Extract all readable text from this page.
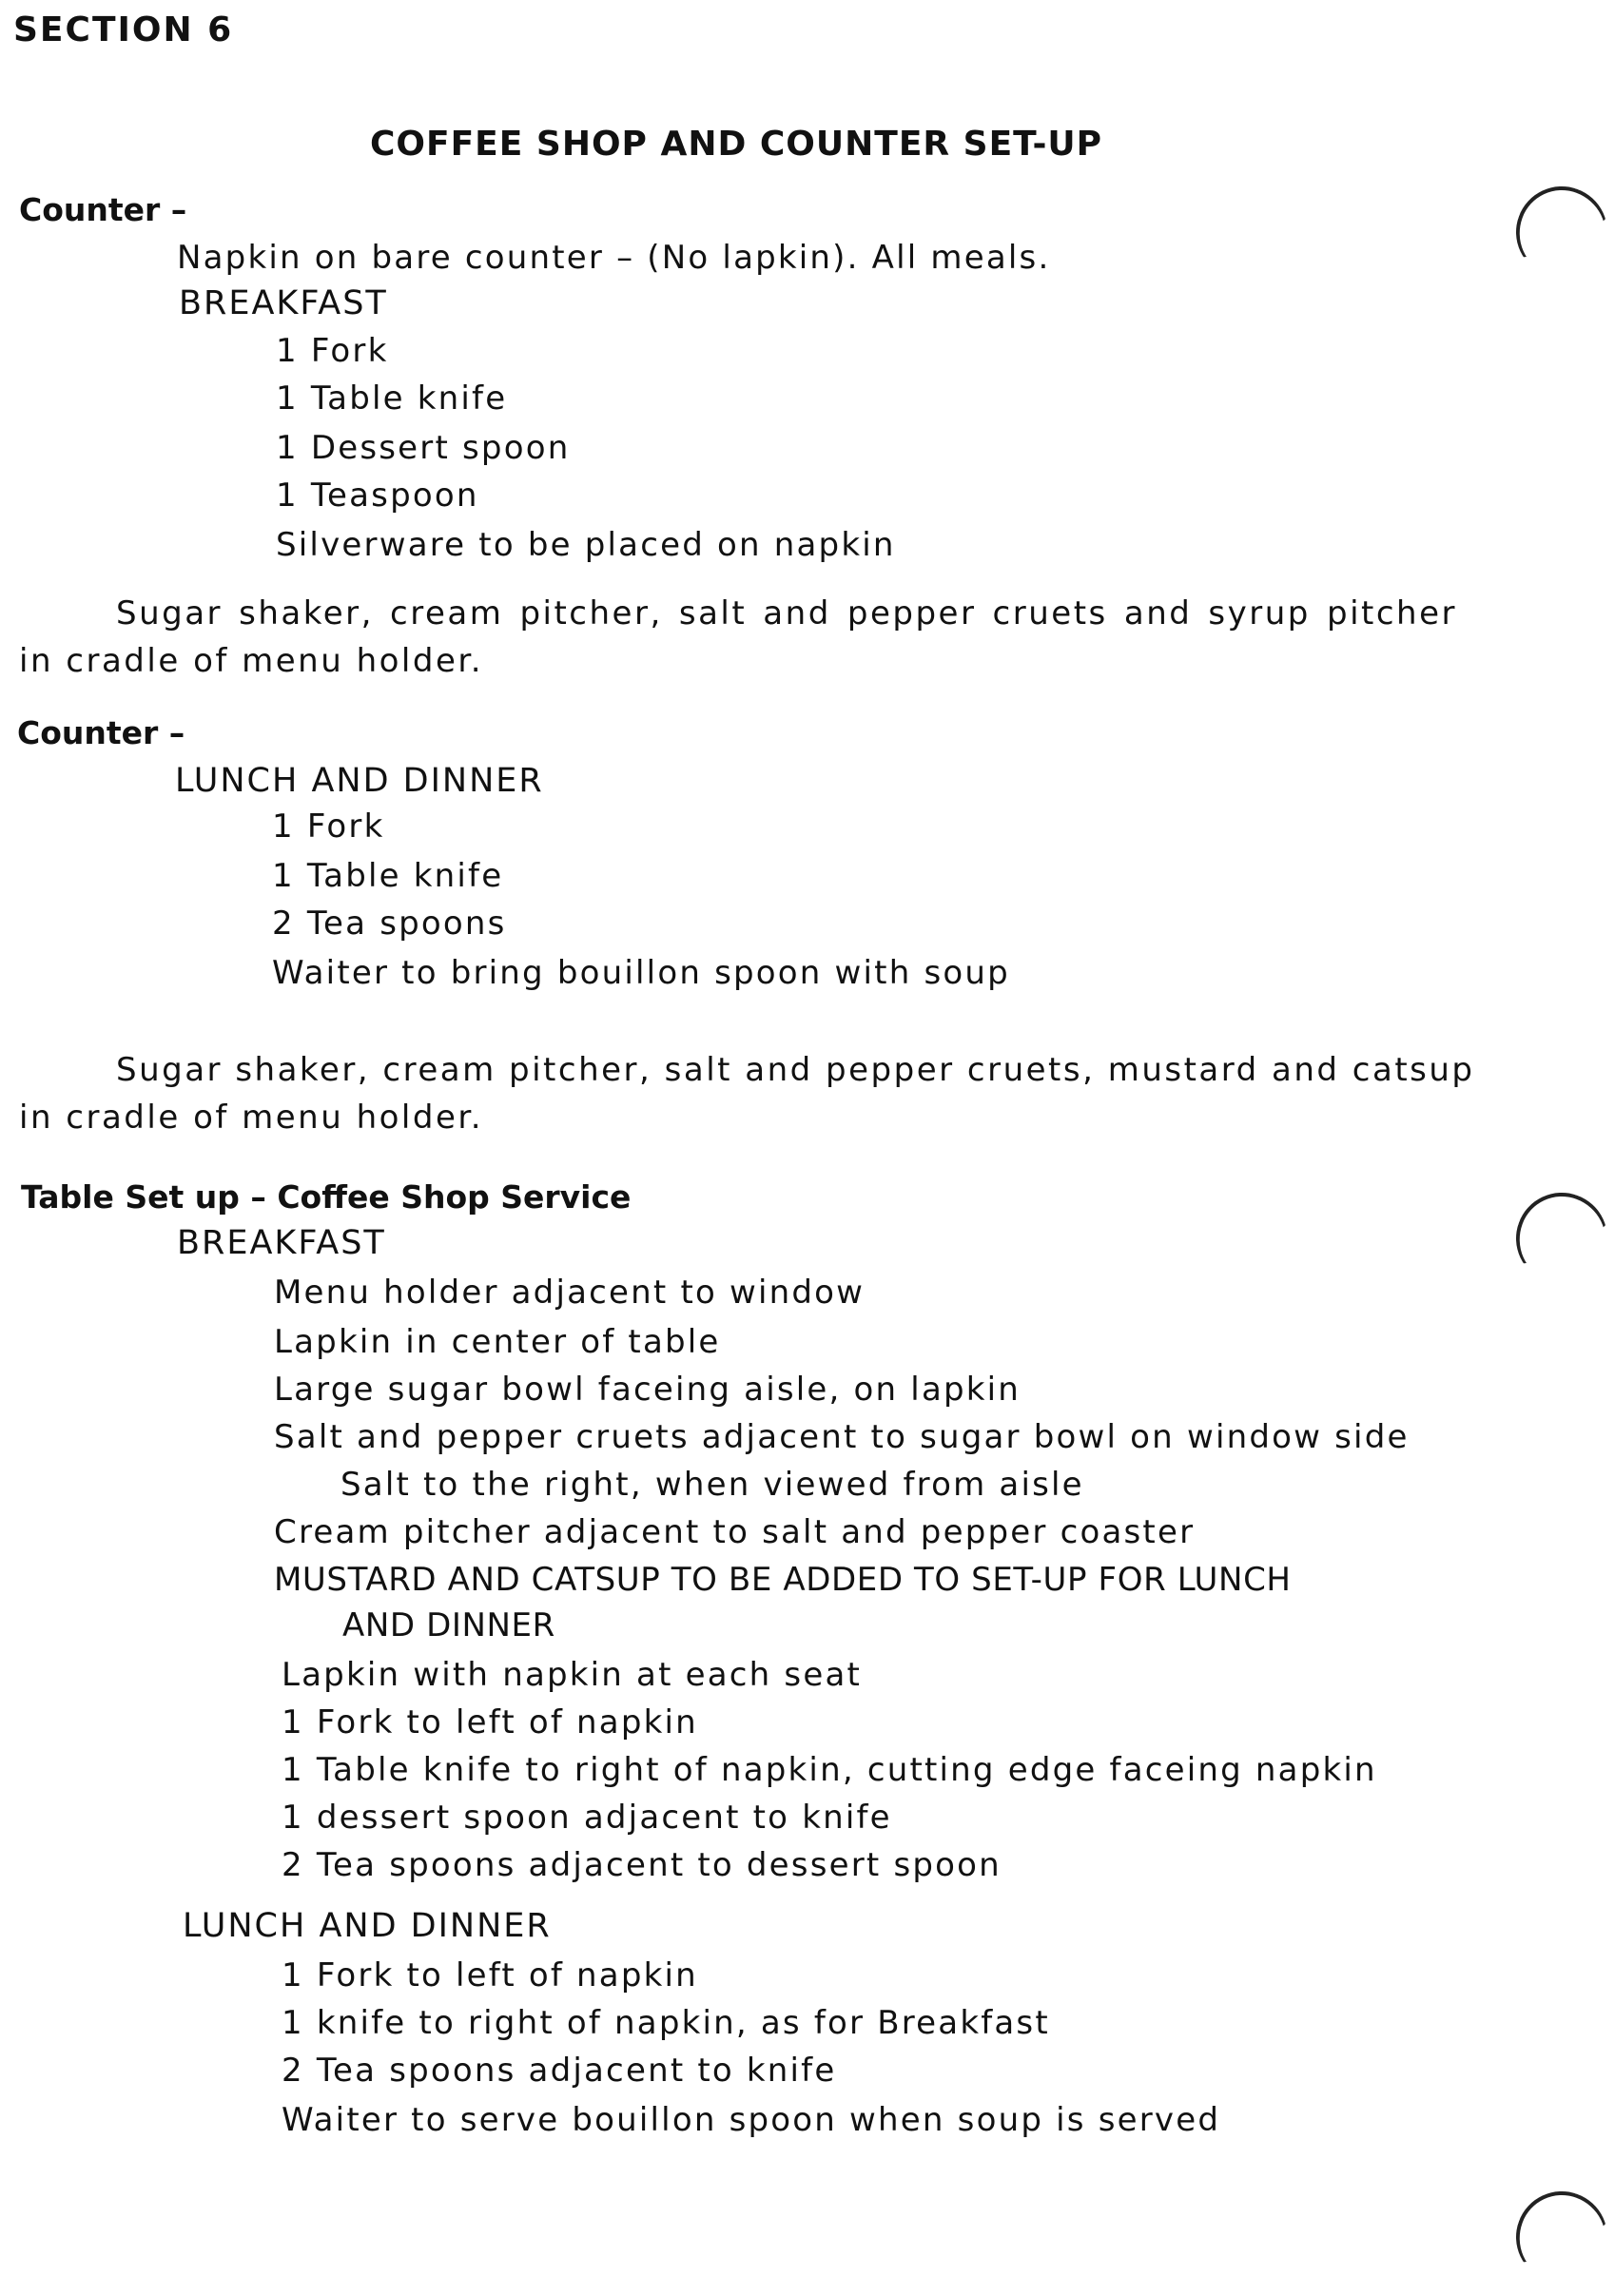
SECTION 6
COFFEE SHOP AND COUNTER SET-UP
Counter –
Napkin on bare counter – (No lapkin). All meals.
BREAKFAST
1 Fork
1 Table knife
1 Dessert spoon
1 Teaspoon
Silverware to be placed on napkin
Sugar shaker, cream pitcher, salt and pepper cruets and syrup pitcher
in cradle of menu holder.
Counter –
LUNCH AND DINNER
1 Fork
1 Table knife
2 Tea spoons
Waiter to bring bouillon spoon with soup
Sugar shaker, cream pitcher, salt and pepper cruets, mustard and catsup
in cradle of menu holder.
Table Set up – Coffee Shop Service
BREAKFAST
Menu holder adjacent to window
Lapkin in center of table
Large sugar bowl faceing aisle, on lapkin
Salt and pepper cruets adjacent to sugar bowl on window side
Salt to the right, when viewed from aisle
Cream pitcher adjacent to salt and pepper coaster
MUSTARD AND CATSUP TO BE ADDED TO SET-UP FOR LUNCH
AND DINNER
Lapkin with napkin at each seat
1 Fork to left of napkin
1 Table knife to right of napkin, cutting edge faceing napkin
1 dessert spoon adjacent to knife
2 Tea spoons adjacent to dessert spoon
LUNCH AND DINNER
1 Fork to left of napkin
1 knife to right of napkin, as for Breakfast
2 Tea spoons adjacent to knife
Waiter to serve bouillon spoon when soup is served
